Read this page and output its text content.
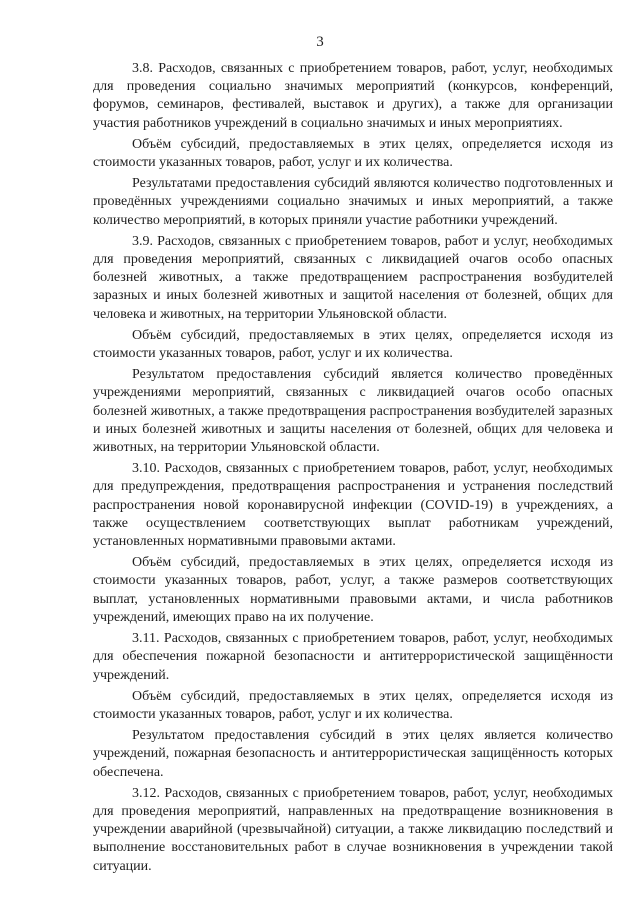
3

3.8. Расходов, связанных с приобретением товаров, работ, услуг, необходимых для проведения социально значимых мероприятий (конкурсов, конференций, форумов, семинаров, фестивалей, выставок и других), а также для организации участия работников учреждений в социально значимых и иных мероприятиях.

Объём субсидий, предоставляемых в этих целях, определяется исходя из стоимости указанных товаров, работ, услуг и их количества.

Результатами предоставления субсидий являются количество подготовленных и проведённых учреждениями социально значимых и иных мероприятий, а также количество мероприятий, в которых приняли участие работники учреждений.

3.9. Расходов, связанных с приобретением товаров, работ и услуг, необходимых для проведения мероприятий, связанных с ликвидацией очагов особо опасных болезней животных, а также предотвращением распространения возбудителей заразных и иных болезней животных и защитой населения от болезней, общих для человека и животных, на территории Ульяновской области.

Объём субсидий, предоставляемых в этих целях, определяется исходя из стоимости указанных товаров, работ, услуг и их количества.

Результатом предоставления субсидий является количество проведённых учреждениями мероприятий, связанных с ликвидацией очагов особо опасных болезней животных, а также предотвращения распространения возбудителей заразных и иных болезней животных и защиты населения от болезней, общих для человека и животных, на территории Ульяновской области.

3.10. Расходов, связанных с приобретением товаров, работ, услуг, необходимых для предупреждения, предотвращения распространения и устранения последствий распространения новой коронавирусной инфекции (COVID-19) в учреждениях, а также осуществлением соответствующих выплат работникам учреждений, установленных нормативными правовыми актами.

Объём субсидий, предоставляемых в этих целях, определяется исходя из стоимости указанных товаров, работ, услуг, а также размеров соответствующих выплат, установленных нормативными правовыми актами, и числа работников учреждений, имеющих право на их получение.

3.11. Расходов, связанных с приобретением товаров, работ, услуг, необходимых для обеспечения пожарной безопасности и антитеррористической защищённости учреждений.

Объём субсидий, предоставляемых в этих целях, определяется исходя из стоимости указанных товаров, работ, услуг и их количества.

Результатом предоставления субсидий в этих целях является количество учреждений, пожарная безопасность и антитеррористическая защищённость которых обеспечена.

3.12. Расходов, связанных с приобретением товаров, работ, услуг, необходимых для проведения мероприятий, направленных на предотвращение возникновения в учреждении аварийной (чрезвычайной) ситуации, а также ликвидацию последствий и выполнение восстановительных работ в случае возникновения в учреждении такой ситуации.
